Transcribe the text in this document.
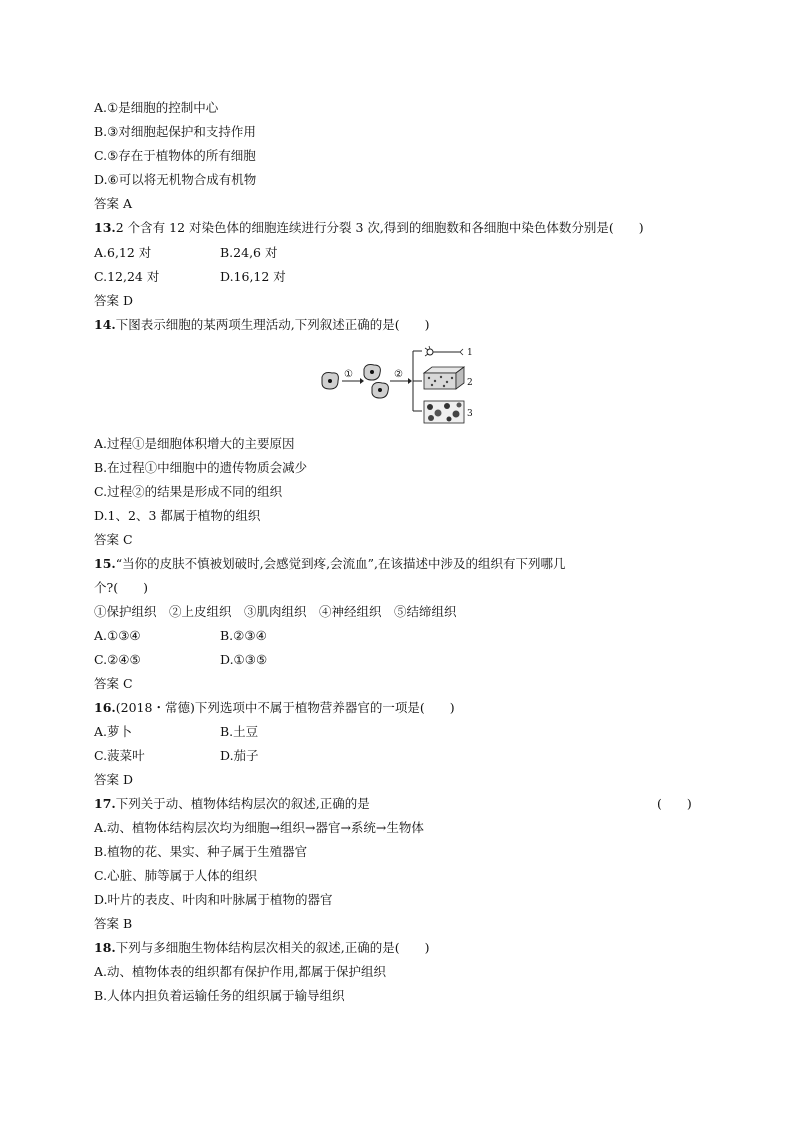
A.①是细胞的控制中心
B.③对细胞起保护和支持作用
C.⑤存在于植物体的所有细胞
D.⑥可以将无机物合成有机物
答案 A
13.2 个含有 12 对染色体的细胞连续进行分裂 3 次,得到的细胞数和各细胞中染色体数分别是(　　)
A.6,12 对	B.24,6 对
C.12,24 对	D.16,12 对
答案 D
14.下图表示细胞的某两项生理活动,下列叙述正确的是(　　)
①	②
1
2
3
A.过程①是细胞体积增大的主要原因
B.在过程①中细胞中的遗传物质会减少
C.过程②的结果是形成不同的组织
D.1、2、3 都属于植物的组织
答案 C
15.“当你的皮肤不慎被划破时,会感觉到疼,会流血”,在该描述中涉及的组织有下列哪几
个?(　　)
①保护组织　②上皮组织　③肌肉组织　④神经组织　⑤结缔组织
A.①③④	B.②③④
C.②④⑤	D.①③⑤
答案 C
16.(2018・常德)下列选项中不属于植物营养器官的一项是(　　)
A.萝卜	B.土豆
C.菠菜叶	D.茄子
答案 D
17.下列关于动、植物体结构层次的叙述,正确的是	(　　)
A.动、植物体结构层次均为细胞→组织→器官→系统→生物体
B.植物的花、果实、种子属于生殖器官
C.心脏、肺等属于人体的组织
D.叶片的表皮、叶肉和叶脉属于植物的器官
答案 B
18.下列与多细胞生物体结构层次相关的叙述,正确的是(　　)
A.动、植物体表的组织都有保护作用,都属于保护组织
B.人体内担负着运输任务的组织属于输导组织
